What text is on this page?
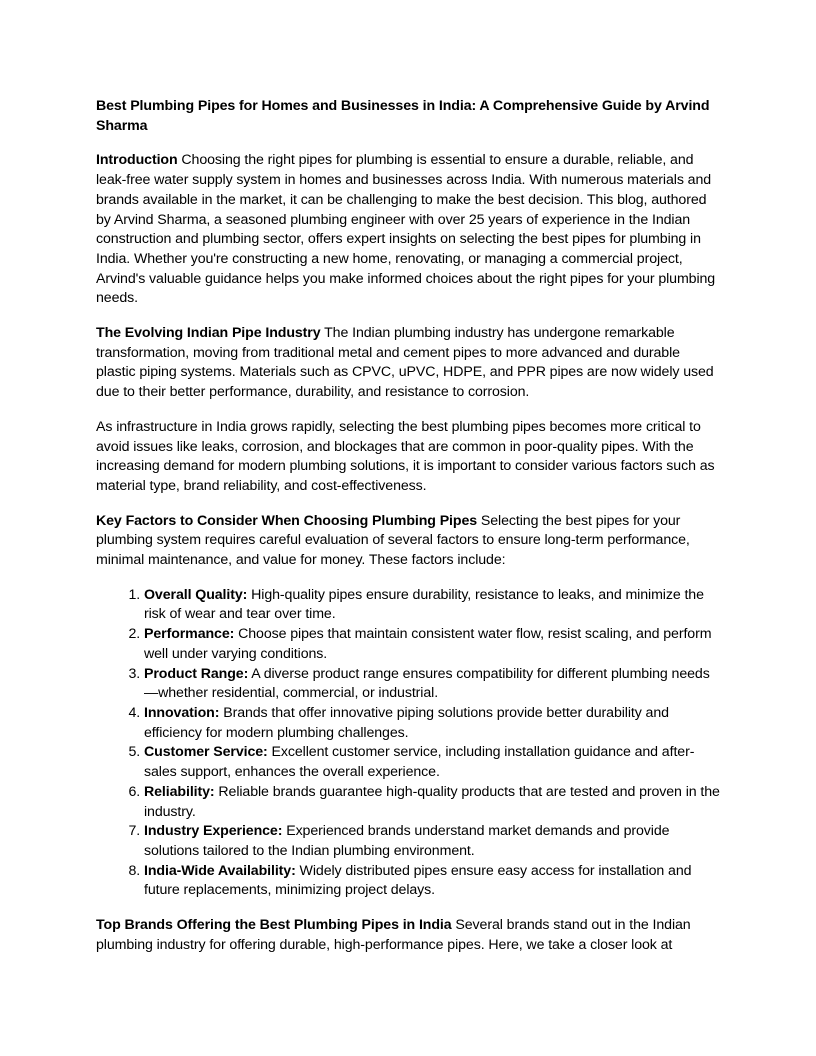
Best Plumbing Pipes for Homes and Businesses in India: A Comprehensive Guide by Arvind Sharma

Introduction Choosing the right pipes for plumbing is essential to ensure a durable, reliable, and leak-free water supply system in homes and businesses across India. With numerous materials and brands available in the market, it can be challenging to make the best decision. This blog, authored by Arvind Sharma, a seasoned plumbing engineer with over 25 years of experience in the Indian construction and plumbing sector, offers expert insights on selecting the best pipes for plumbing in India. Whether you're constructing a new home, renovating, or managing a commercial project, Arvind's valuable guidance helps you make informed choices about the right pipes for your plumbing needs.

The Evolving Indian Pipe Industry The Indian plumbing industry has undergone remarkable transformation, moving from traditional metal and cement pipes to more advanced and durable plastic piping systems. Materials such as CPVC, uPVC, HDPE, and PPR pipes are now widely used due to their better performance, durability, and resistance to corrosion.

As infrastructure in India grows rapidly, selecting the best plumbing pipes becomes more critical to avoid issues like leaks, corrosion, and blockages that are common in poor-quality pipes. With the increasing demand for modern plumbing solutions, it is important to consider various factors such as material type, brand reliability, and cost-effectiveness.

Key Factors to Consider When Choosing Plumbing Pipes Selecting the best pipes for your plumbing system requires careful evaluation of several factors to ensure long-term performance, minimal maintenance, and value for money. These factors include:

1. Overall Quality: High-quality pipes ensure durability, resistance to leaks, and minimize the risk of wear and tear over time.
2. Performance: Choose pipes that maintain consistent water flow, resist scaling, and perform well under varying conditions.
3. Product Range: A diverse product range ensures compatibility for different plumbing needs—whether residential, commercial, or industrial.
4. Innovation: Brands that offer innovative piping solutions provide better durability and efficiency for modern plumbing challenges.
5. Customer Service: Excellent customer service, including installation guidance and after-sales support, enhances the overall experience.
6. Reliability: Reliable brands guarantee high-quality products that are tested and proven in the industry.
7. Industry Experience: Experienced brands understand market demands and provide solutions tailored to the Indian plumbing environment.
8. India-Wide Availability: Widely distributed pipes ensure easy access for installation and future replacements, minimizing project delays.

Top Brands Offering the Best Plumbing Pipes in India Several brands stand out in the Indian plumbing industry for offering durable, high-performance pipes. Here, we take a closer look at
